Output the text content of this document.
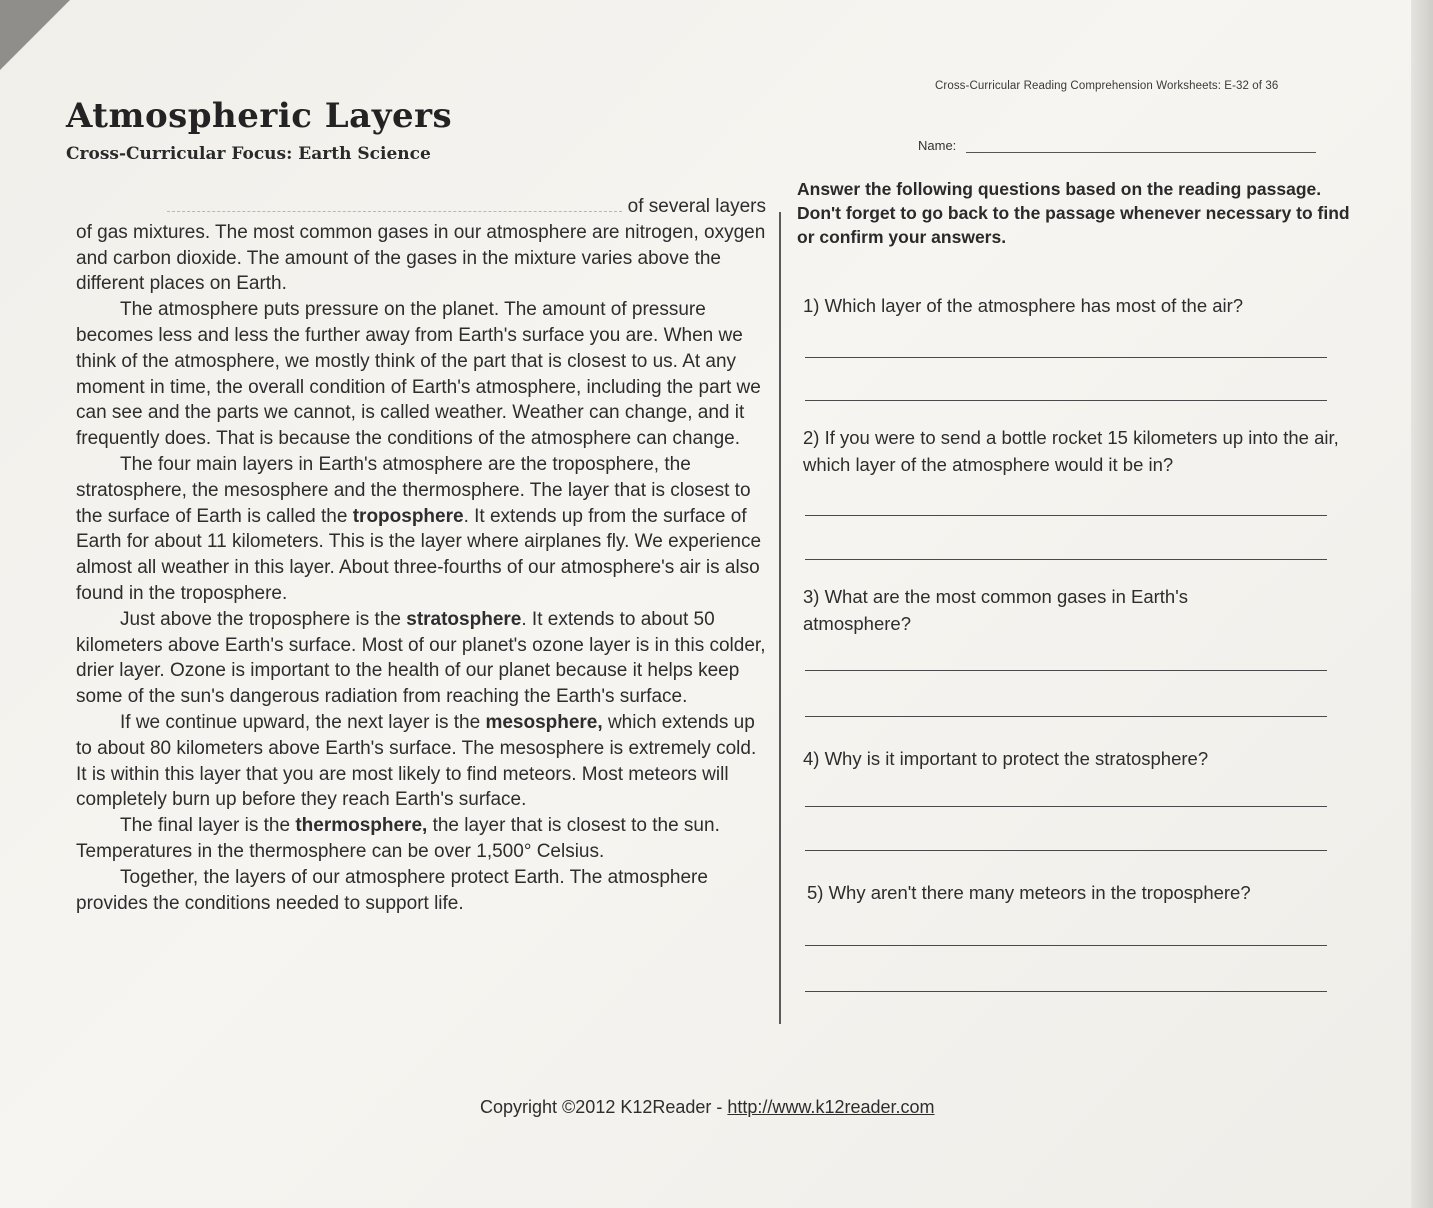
Cross-Curricular Reading Comprehension Worksheets: E-32 of 36
Atmospheric Layers
Cross-Curricular Focus: Earth Science	Name:

of several layers

of gas mixtures. The most common gases in our atmosphere are nitrogen, oxygen and carbon dioxide. The amount of the gases in the mixture varies above the different places on Earth.

The atmosphere puts pressure on the planet. The amount of pressure becomes less and less the further away from Earth's surface you are. When we think of the atmosphere, we mostly think of the part that is closest to us. At any moment in time, the overall condition of Earth's atmosphere, including the part we can see and the parts we cannot, is called weather. Weather can change, and it frequently does. That is because the conditions of the atmosphere can change.

The four main layers in Earth's atmosphere are the troposphere, the stratosphere, the mesosphere and the thermosphere. The layer that is closest to the surface of Earth is called the troposphere. It extends up from the surface of Earth for about 11 kilometers. This is the layer where airplanes fly. We experience almost all weather in this layer. About three-fourths of our atmosphere's air is also found in the troposphere.

Just above the troposphere is the stratosphere. It extends to about 50 kilometers above Earth's surface. Most of our planet's ozone layer is in this colder, drier layer. Ozone is important to the health of our planet because it helps keep some of the sun's dangerous radiation from reaching the Earth's surface.

If we continue upward, the next layer is the mesosphere, which extends up to about 80 kilometers above Earth's surface. The mesosphere is extremely cold. It is within this layer that you are most likely to find meteors. Most meteors will completely burn up before they reach Earth's surface.

The final layer is the thermosphere, the layer that is closest to the sun. Temperatures in the thermosphere can be over 1,500° Celsius.

Together, the layers of our atmosphere protect Earth. The atmosphere provides the conditions needed to support life.

Answer the following questions based on the reading passage. Don't forget to go back to the passage whenever necessary to find or confirm your answers.
1) Which layer of the atmosphere has most of the air?
2) If you were to send a bottle rocket 15 kilometers up into the air, which layer of the atmosphere would it be in?
3) What are the most common gases in Earth's atmosphere?
4) Why is it important to protect the stratosphere?
5) Why aren't there many meteors in the troposphere?
Copyright ©2012 K12Reader - http://www.k12reader.com
